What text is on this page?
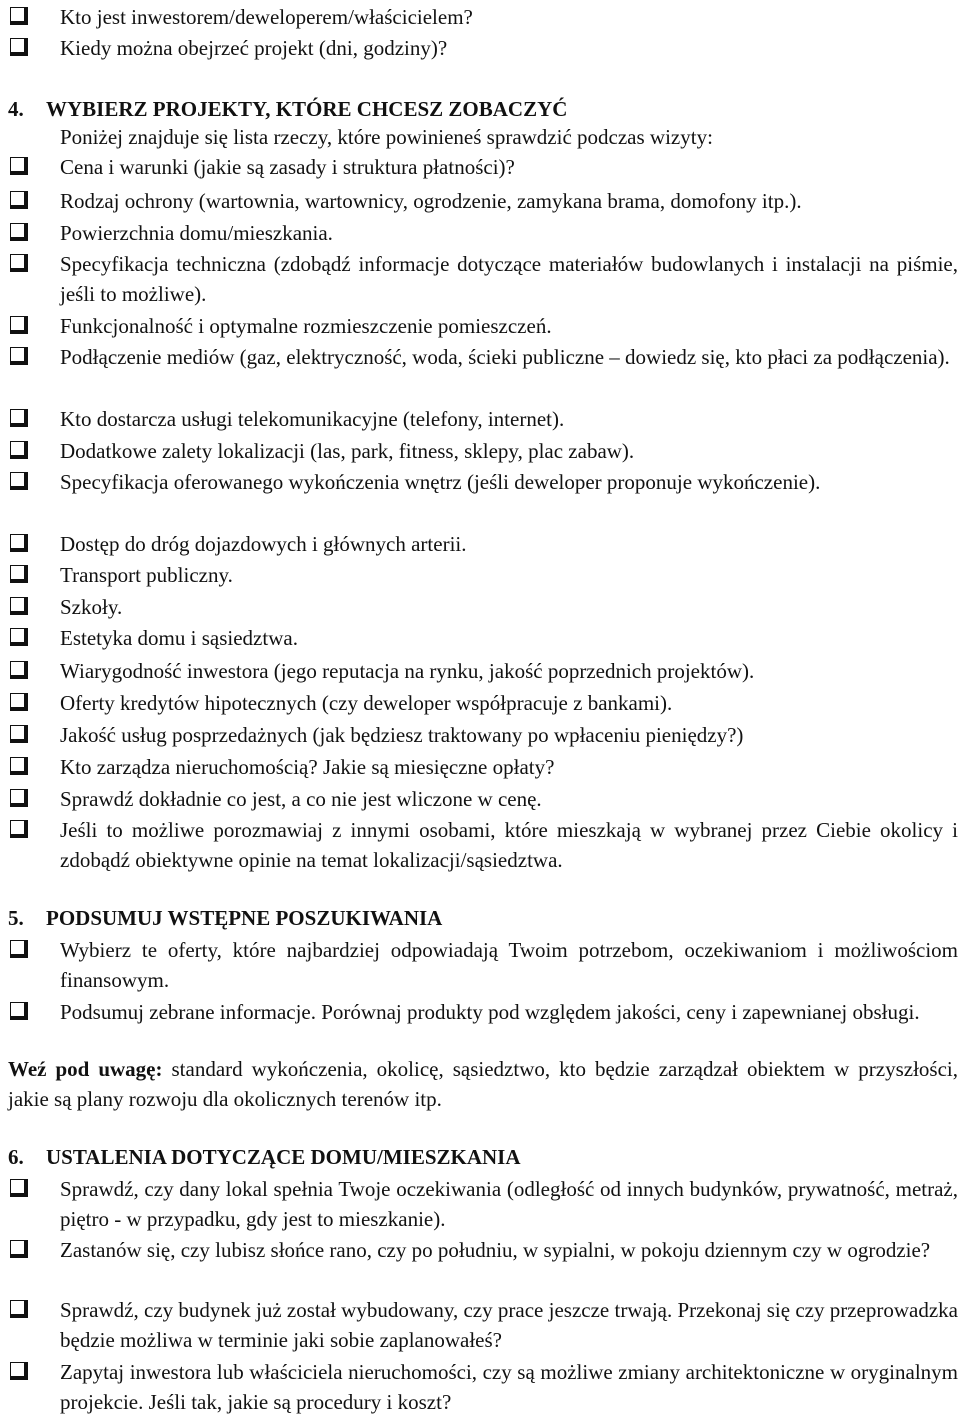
Kto jest inwestorem/deweloperem/właścicielem?
Kiedy można obejrzeć projekt (dni, godziny)?
4. WYBIERZ PROJEKTY, KTÓRE CHCESZ ZOBACZYĆ
Poniżej znajduje się lista rzeczy, które powinieneś sprawdzić podczas wizyty:
Cena i warunki (jakie są zasady i struktura płatności)?
Rodzaj ochrony (wartownia, wartownicy, ogrodzenie, zamykana brama, domofony itp.).
Powierzchnia domu/mieszkania.
Specyfikacja techniczna (zdobądź informacje dotyczące materiałów budowlanych i instalacji na piśmie, jeśli to możliwe).
Funkcjonalność i optymalne rozmieszczenie pomieszczeń.
Podłączenie mediów (gaz, elektryczność, woda, ścieki publiczne – dowiedz się, kto płaci za podłączenia).
Kto dostarcza usługi telekomunikacyjne (telefony, internet).
Dodatkowe zalety lokalizacji (las, park, fitness, sklepy, plac zabaw).
Specyfikacja oferowanego wykończenia wnętrz (jeśli deweloper proponuje wykończenie).
Dostęp do dróg dojazdowych i głównych arterii.
Transport publiczny.
Szkoły.
Estetyka domu i sąsiedztwa.
Wiarygodność inwestora (jego reputacja na rynku, jakość poprzednich projektów).
Oferty kredytów hipotecznych (czy deweloper współpracuje z bankami).
Jakość usług posprzedażnych (jak będziesz traktowany po wpłaceniu pieniędzy?)
Kto zarządza nieruchomością? Jakie są miesięczne opłaty?
Sprawdź dokładnie co jest, a co nie jest wliczone w cenę.
Jeśli to możliwe porozmawiaj z innymi osobami, które mieszkają w wybranej przez Ciebie okolicy i zdobądź obiektywne opinie na temat lokalizacji/sąsiedztwa.
5. PODSUMUJ WSTĘPNE POSZUKIWANIA
Wybierz te oferty, które najbardziej odpowiadają Twoim potrzebom, oczekiwaniom i możliwościom finansowym.
Podsumuj zebrane informacje. Porównaj produkty pod względem jakości, ceny i zapewnianej obsługi.
Weź pod uwagę: standard wykończenia, okolicę, sąsiedztwo, kto będzie zarządzał obiektem w przyszłości, jakie są plany rozwoju dla okolicznych terenów itp.
6. USTALENIA DOTYCZĄCE DOMU/MIESZKANIA
Sprawdź, czy dany lokal spełnia Twoje oczekiwania (odległość od innych budynków, prywatność, metraż, piętro - w przypadku, gdy jest to mieszkanie).
Zastanów się, czy lubisz słońce rano, czy po południu, w sypialni, w pokoju dziennym czy w ogrodzie?
Sprawdź, czy budynek już został wybudowany, czy prace jeszcze trwają. Przekonaj się czy przeprowadzka będzie możliwa w terminie jaki sobie zaplanowałeś?
Zapytaj inwestora lub właściciela nieruchomości, czy są możliwe zmiany architektoniczne w oryginalnym projekcie. Jeśli tak, jakie są procedury i koszt?
